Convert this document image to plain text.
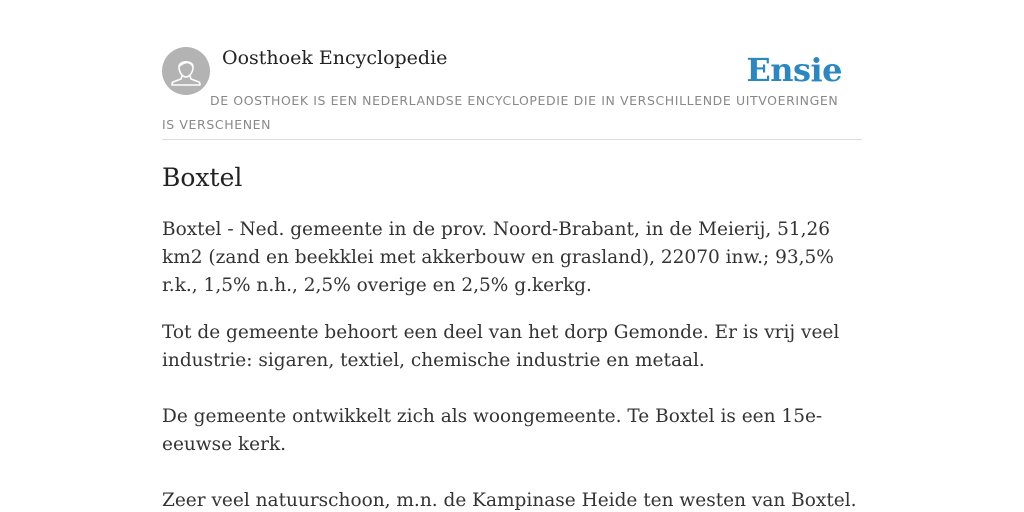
Oosthoek Encyclopedie	Ensie
DE OOSTHOEK IS EEN NEDERLANDSE ENCYCLOPEDIE DIE IN VERSCHILLENDE UITVOERINGEN IS VERSCHENEN
Boxtel

Boxtel - Ned. gemeente in de prov. Noord-Brabant, in de Meierij, 51,26 km2 (zand en beekklei met akkerbouw en grasland), 22070 inw.; 93,5% r.k., 1,5% n.h., 2,5% overige en 2,5% g.kerkg.

Tot de gemeente behoort een deel van het dorp Gemonde. Er is vrij veel industrie: sigaren, textiel, chemische industrie en metaal.

De gemeente ontwikkelt zich als woongemeente. Te Boxtel is een 15e-eeuwse kerk.

Zeer veel natuurschoon, m.n. de Kampinase Heide ten westen van Boxtel.
